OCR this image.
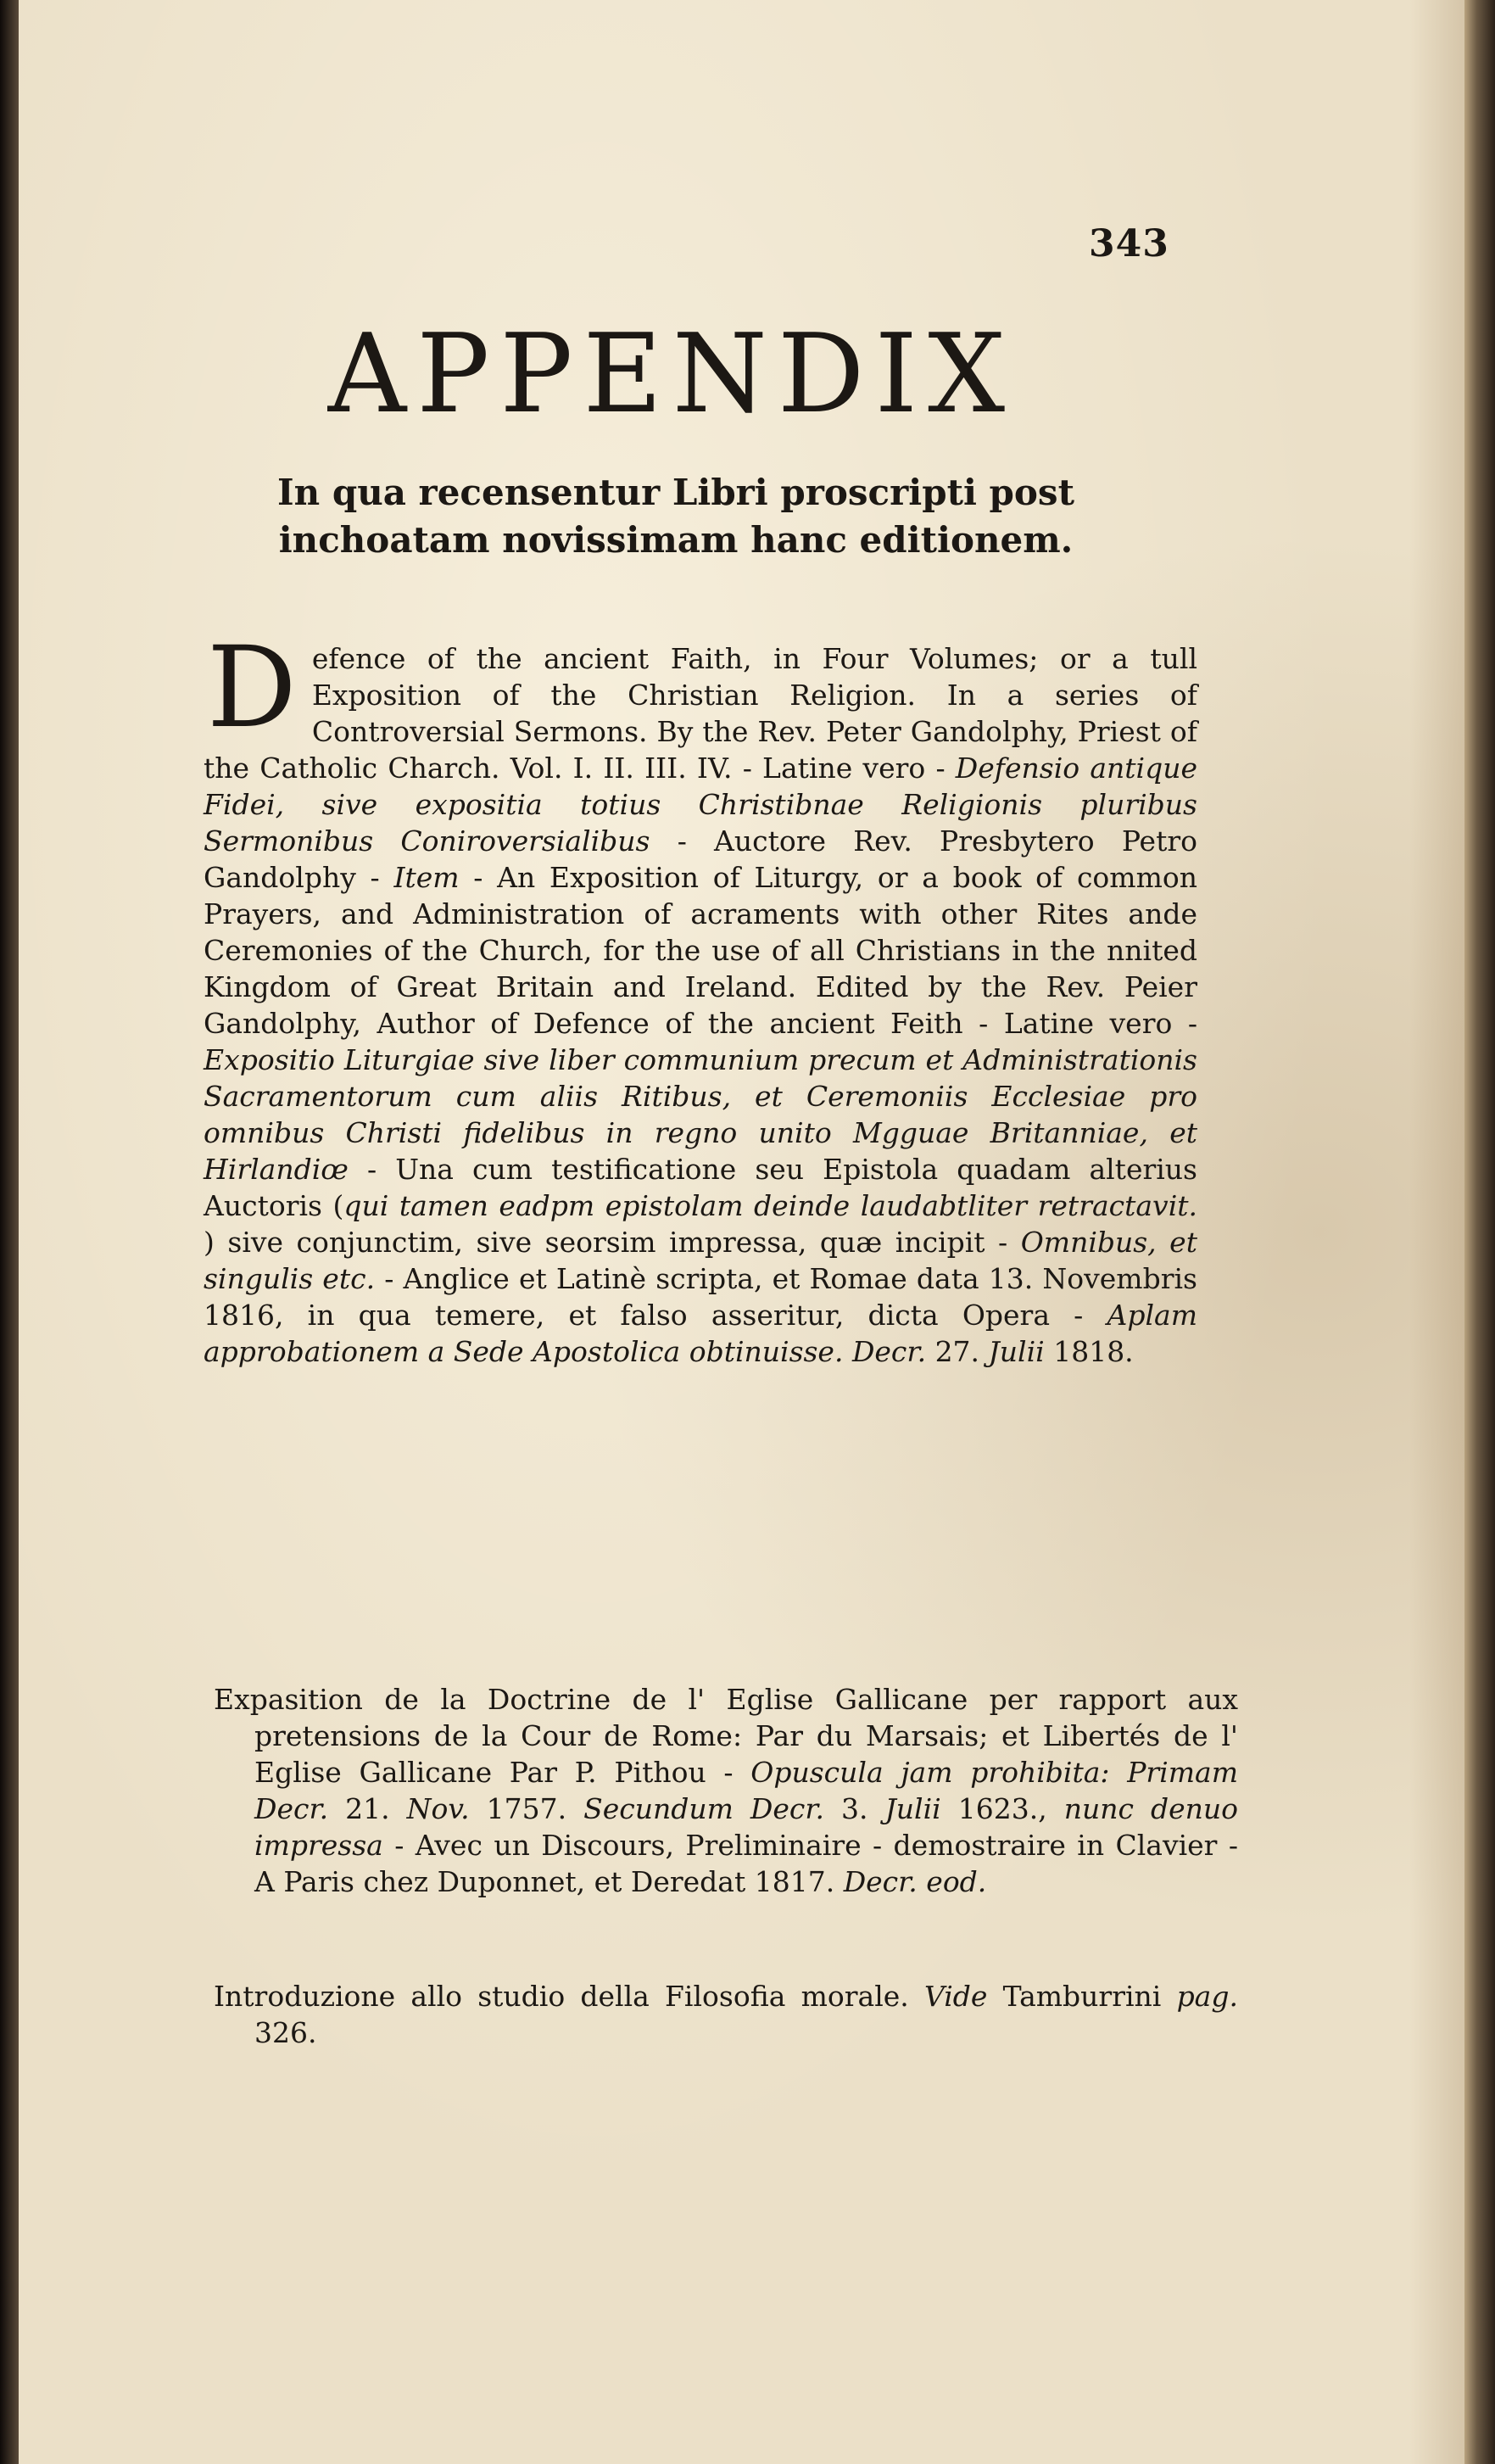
343
APPENDIX
In qua recensentur Libri proscripti post inchoatam novissimam hanc editionem.
Defence of the ancient Faith, in Four Volumes; or a tull Exposition of the Christian Religion. In a series of Controversial Sermons. By the Rev. Peter Gandolphy, Priest of the Catholic Charch. Vol. I. II. III. IV. - Latine vero - Defensio antique Fidei, sive expositia totius Christibnae Religionis pluribus Sermonibus Coniroversialibus - Auctore Rev. Presbytero Petro Gandolphy - Item - An Exposition of Liturgy, or a book of common Prayers, and Administration of acraments with other Rites ande Ceremonies of the Church, for the use of all Christians in the nnited Kingdom of Great Britain and Ireland. Edited by the Rev. Peier Gandolphy, Author of Defence of the ancient Feith - Latine vero - Expositio Liturgiae sive liber communium precum et Administrationis Sacramentorum cum aliis Ritibus, et Ceremoniis Ecclesiae pro omnibus Christi fidelibus in regno unito Mgguae Britanniae, et Hirlandiœ - Una cum testificatione seu Epistola quadam alterius Auctoris (qui tamen eadpm epistolam deinde laudabtliter retractavit. ) sive conjunctim, sive seorsim impressa, quæ incipit - Omnibus, et singulis etc. - Anglice et Latinè scripta, et Romae data 13. Novembris 1816, in qua temere, et falso asseritur, dicta Opera - Aplam approbationem a Sede Apostolica obtinuisse. Decr. 27. Julii 1818.
Expasition de la Doctrine de l' Eglise Gallicane per rapport aux pretensions de la Cour de Rome: Par du Marsais; et Libertés de l' Eglise Gallicane Par P. Pithou - Opuscula jam prohibita: Primam Decr. 21. Nov. 1757. Secundum Decr. 3. Julii 1623., nunc denuo impressa - Avec un Discours, Preliminaire - demostraire in Clavier - A Paris chez Duponnet, et Deredat 1817. Decr. eod.
Introduzione allo studio della Filosofia morale. Vide Tamburrini pag. 326.
